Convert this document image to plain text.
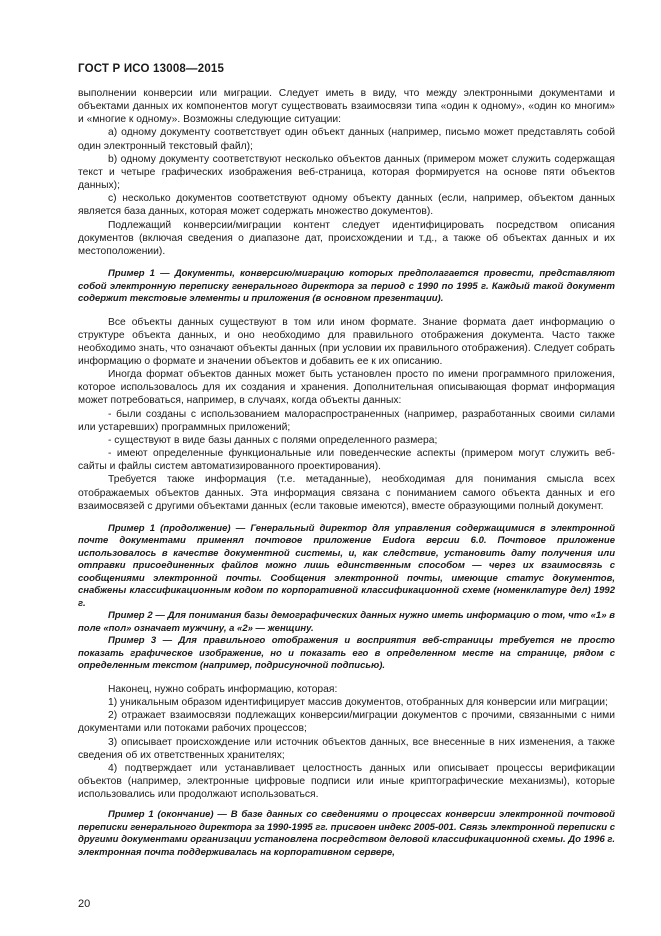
ГОСТ Р ИСО 13008—2015

выполнении конверсии или миграции. Следует иметь в виду, что между электронными документами и объектами данных их компонентов могут существовать взаимосвязи типа «один к одному», «один ко многим» и «многие к одному». Возможны следующие ситуации:

а) одному документу соответствует один объект данных (например, письмо может представлять собой один электронный текстовый файл);

b) одному документу соответствуют несколько объектов данных (примером может служить содержащая текст и четыре графических изображения веб-страница, которая формируется на основе пяти объектов данных);

с) несколько документов соответствуют одному объекту данных (если, например, объектом данных является база данных, которая может содержать множество документов).

Подлежащий конверсии/миграции контент следует идентифицировать посредством описания документов (включая сведения о диапазоне дат, происхождении и т.д., а также об объектах данных и их местоположении).

Пример 1 — Документы, конверсию/миграцию которых предполагается провести, представляют собой электронную переписку генерального директора за период с 1990 по 1995 г. Каждый такой документ содержит текстовые элементы и приложения (в основном презентации).

Все объекты данных существуют в том или ином формате. Знание формата дает информацию о структуре объекта данных, и оно необходимо для правильного отображения документа. Часто также необходимо знать, что означают объекты данных (при условии их правильного отображения). Следует собрать информацию о формате и значении объектов и добавить ее к их описанию.

Иногда формат объектов данных может быть установлен просто по имени программного приложения, которое использовалось для их создания и хранения. Дополнительная описывающая формат информация может потребоваться, например, в случаях, когда объекты данных:

- были созданы с использованием малораспространенных (например, разработанных своими силами или устаревших) программных приложений;

- существуют в виде базы данных с полями определенного размера;

- имеют определенные функциональные или поведенческие аспекты (примером могут служить веб-сайты и файлы систем автоматизированного проектирования).

Требуется также информация (т.е. метаданные), необходимая для понимания смысла всех отображаемых объектов данных. Эта информация связана с пониманием самого объекта данных и его взаимосвязей с другими объектами данных (если таковые имеются), вместе образующими полный документ.

Пример 1 (продолжение) — Генеральный директор для управления содержащимися в электронной почте документами применял почтовое приложение Eudora версии 6.0. Почтовое приложение использовалось в качестве документной системы, и, как следствие, установить дату получения или отправки присоединенных файлов можно лишь единственным способом — через их взаимосвязь с сообщениями электронной почты. Сообщения электронной почты, имеющие статус документов, снабжены классификационным кодом по корпоративной классификационной схеме (номенклатуре дел) 1992 г.

Пример 2 — Для понимания базы демографических данных нужно иметь информацию о том, что «1» в поле «пол» означает мужчину, а «2» — женщину.

Пример 3 — Для правильного отображения и восприятия веб-страницы требуется не просто показать графическое изображение, но и показать его в определенном месте на странице, рядом с определенным текстом (например, подрисуночной подписью).

Наконец, нужно собрать информацию, которая:

1) уникальным образом идентифицирует массив документов, отобранных для конверсии или миграции;

2) отражает взаимосвязи подлежащих конверсии/миграции документов с прочими, связанными с ними документами или потоками рабочих процессов;

3) описывает происхождение или источник объектов данных, все внесенные в них изменения, а также сведения об их ответственных хранителях;

4) подтверждает или устанавливает целостность данных или описывает процессы верификации объектов (например, электронные цифровые подписи или иные криптографические механизмы), которые использовались или продолжают использоваться.

Пример 1 (окончание) — В базе данных со сведениями о процессах конверсии электронной почтовой переписки генерального директора за 1990-1995 гг. присвоен индекс 2005-001. Связь электронной переписки с другими документами организации установлена посредством деловой классификационной схемы. До 1996 г. электронная почта поддерживалась на корпоративном сервере,

20
